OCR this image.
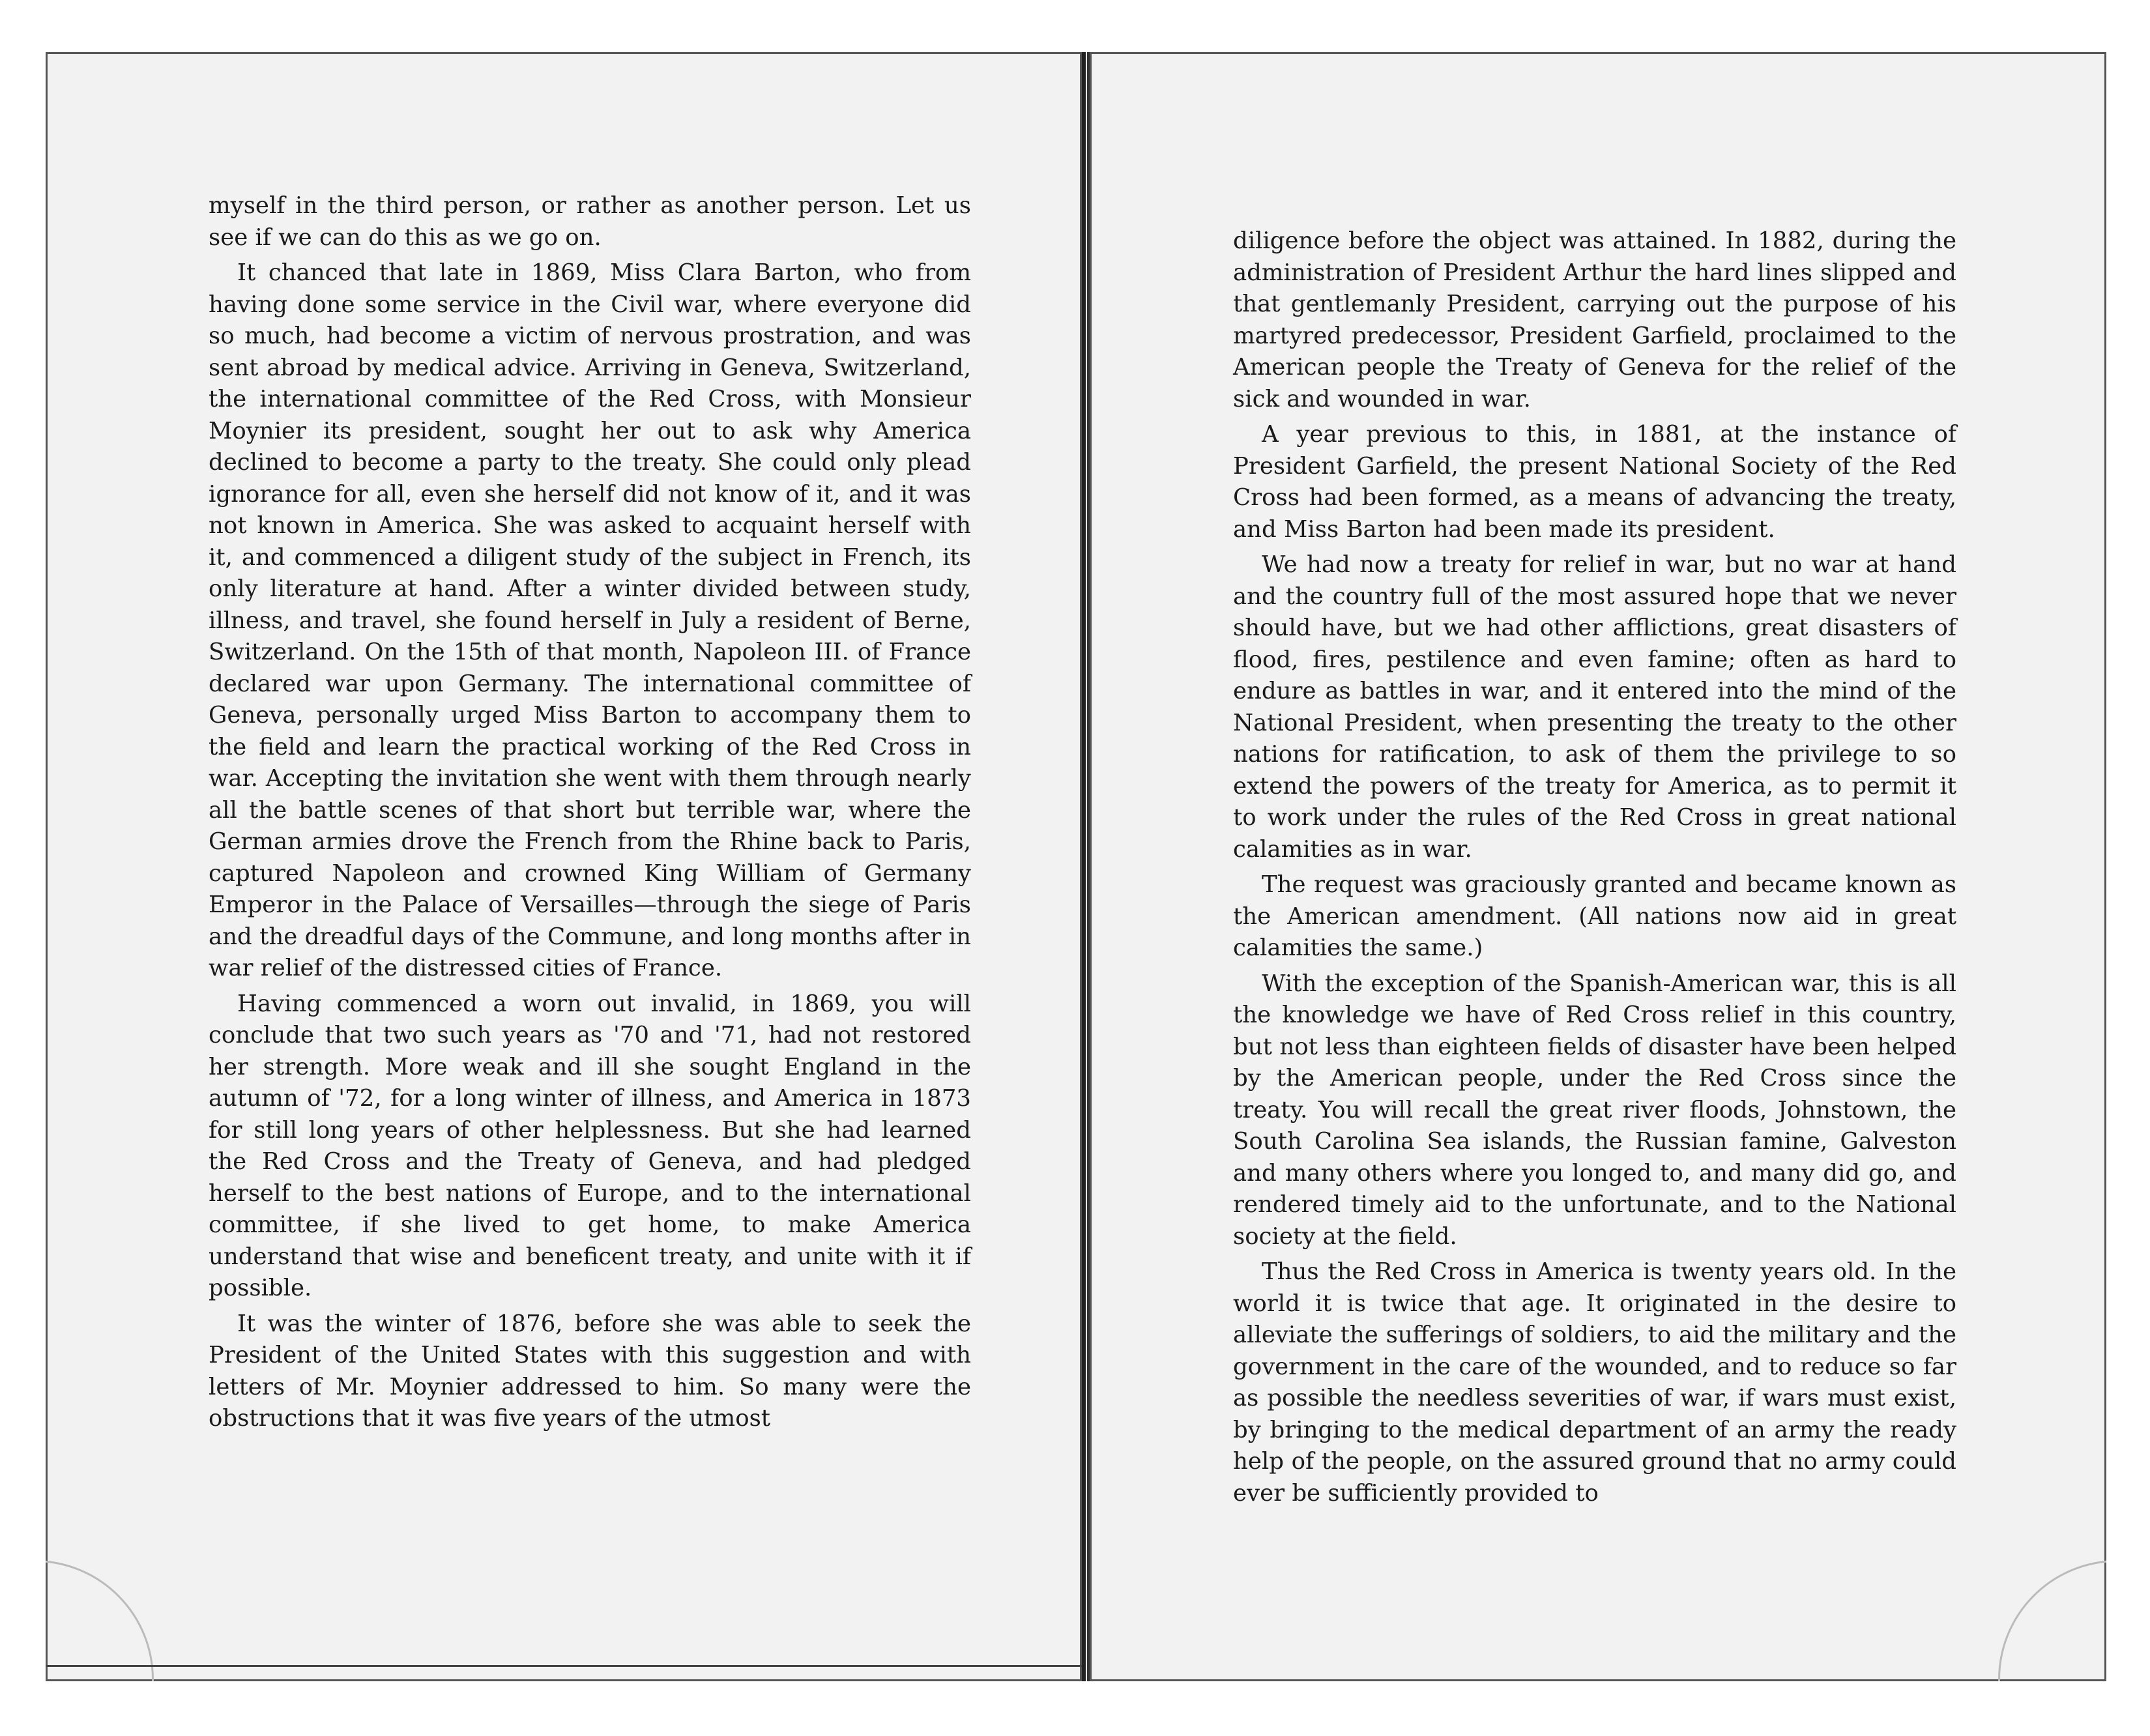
myself in the third person, or rather as another person. Let us see if we can do this as we go on.

It chanced that late in 1869, Miss Clara Barton, who from having done some service in the Civil war, where everyone did so much, had become a victim of nervous prostration, and was sent abroad by medical advice. Arriving in Geneva, Switzerland, the international committee of the Red Cross, with Monsieur Moynier its president, sought her out to ask why America declined to become a party to the treaty. She could only plead ignorance for all, even she herself did not know of it, and it was not known in America. She was asked to acquaint herself with it, and commenced a diligent study of the subject in French, its only literature at hand. After a winter divided between study, illness, and travel, she found herself in July a resident of Berne, Switzerland. On the 15th of that month, Napoleon III. of France declared war upon Germany. The international committee of Geneva, personally urged Miss Barton to accompany them to the field and learn the practical working of the Red Cross in war. Accepting the invitation she went with them through nearly all the battle scenes of that short but terrible war, where the German armies drove the French from the Rhine back to Paris, captured Napoleon and crowned King William of Germany Emperor in the Palace of Versailles—through the siege of Paris and the dreadful days of the Commune, and long months after in war relief of the distressed cities of France.

Having commenced a worn out invalid, in 1869, you will conclude that two such years as '70 and '71, had not restored her strength. More weak and ill she sought England in the autumn of '72, for a long winter of illness, and America in 1873 for still long years of other helplessness. But she had learned the Red Cross and the Treaty of Geneva, and had pledged herself to the best nations of Europe, and to the international committee, if she lived to get home, to make America understand that wise and beneficent treaty, and unite with it if possible.

It was the winter of 1876, before she was able to seek the President of the United States with this suggestion and with letters of Mr. Moynier addressed to him. So many were the obstructions that it was five years of the utmost

diligence before the object was attained. In 1882, during the administration of President Arthur the hard lines slipped and that gentlemanly President, carrying out the purpose of his martyred predecessor, President Garfield, proclaimed to the American people the Treaty of Geneva for the relief of the sick and wounded in war.

A year previous to this, in 1881, at the instance of President Garfield, the present National Society of the Red Cross had been formed, as a means of advancing the treaty, and Miss Barton had been made its president.

We had now a treaty for relief in war, but no war at hand and the country full of the most assured hope that we never should have, but we had other afflictions, great disasters of flood, fires, pestilence and even famine; often as hard to endure as battles in war, and it entered into the mind of the National President, when presenting the treaty to the other nations for ratification, to ask of them the privilege to so extend the powers of the treaty for America, as to permit it to work under the rules of the Red Cross in great national calamities as in war.

The request was graciously granted and became known as the American amendment. (All nations now aid in great calamities the same.)

With the exception of the Spanish-American war, this is all the knowledge we have of Red Cross relief in this country, but not less than eighteen fields of disaster have been helped by the American people, under the Red Cross since the treaty. You will recall the great river floods, Johnstown, the South Carolina Sea islands, the Russian famine, Galveston and many others where you longed to, and many did go, and rendered timely aid to the unfortunate, and to the National society at the field.

Thus the Red Cross in America is twenty years old. In the world it is twice that age. It originated in the desire to alleviate the sufferings of soldiers, to aid the military and the government in the care of the wounded, and to reduce so far as possible the needless severities of war, if wars must exist, by bringing to the medical department of an army the ready help of the people, on the assured ground that no army could ever be sufficiently provided to
